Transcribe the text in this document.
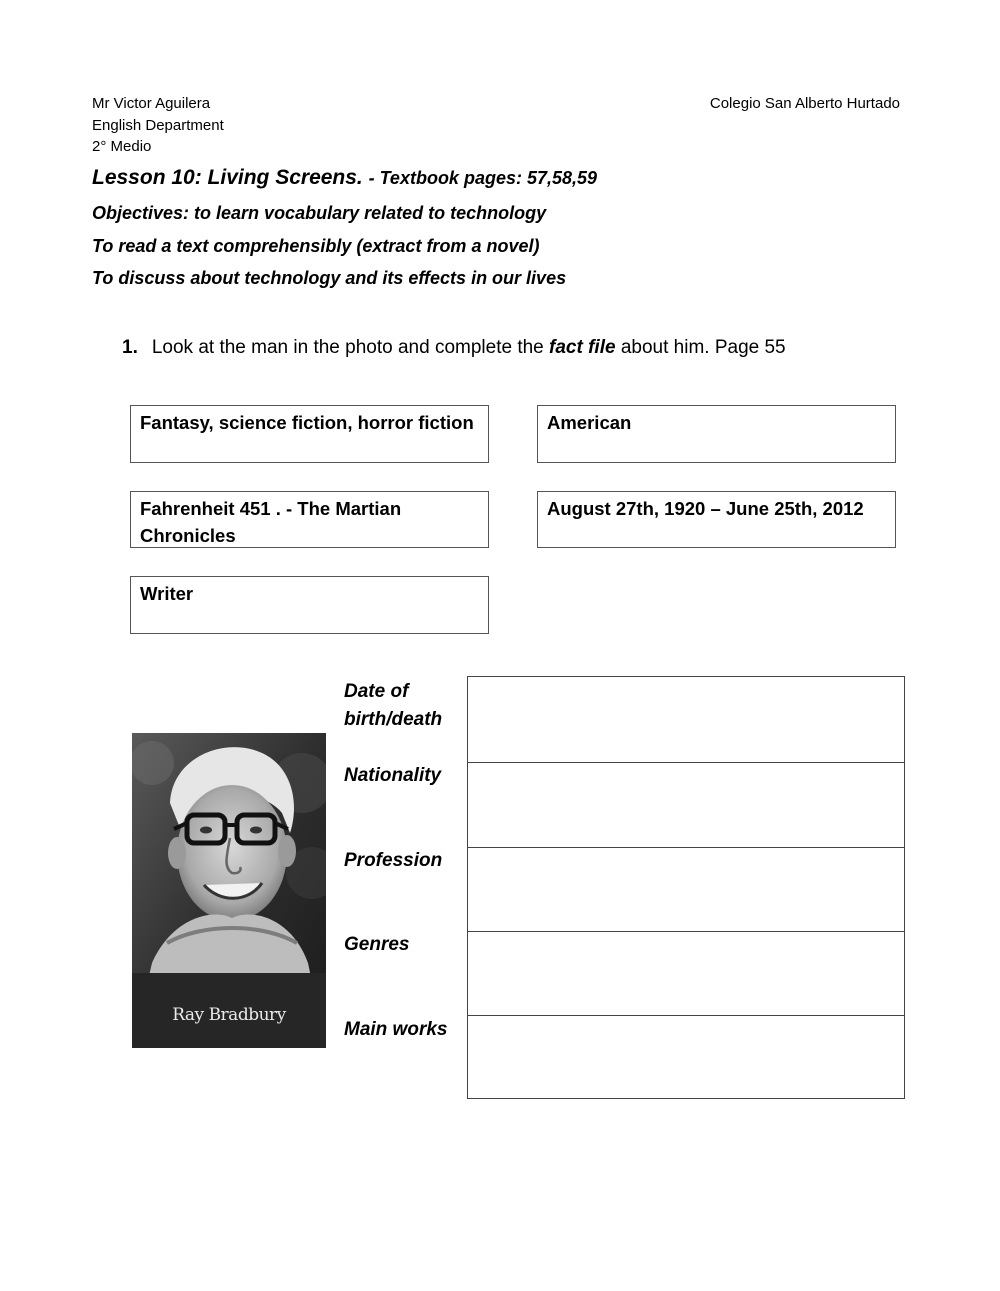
Mr Victor Aguilera
English Department
2° Medio
Colegio San Alberto Hurtado
Lesson 10: Living Screens. - Textbook pages: 57,58,59
Objectives: to learn vocabulary related to technology
To read a text comprehensibly (extract from a novel)
To discuss about technology and its effects in our lives
1. Look at the man in the photo and complete the fact file about him. Page 55
Fantasy, science fiction, horror fiction	American
Fahrenheit 451 . - The Martian Chronicles
August 27th, 1920 – June 25th, 2012
Writer
Ray Bradbury
Date of birth/death
Nationality
Profession
Genres
Main works
